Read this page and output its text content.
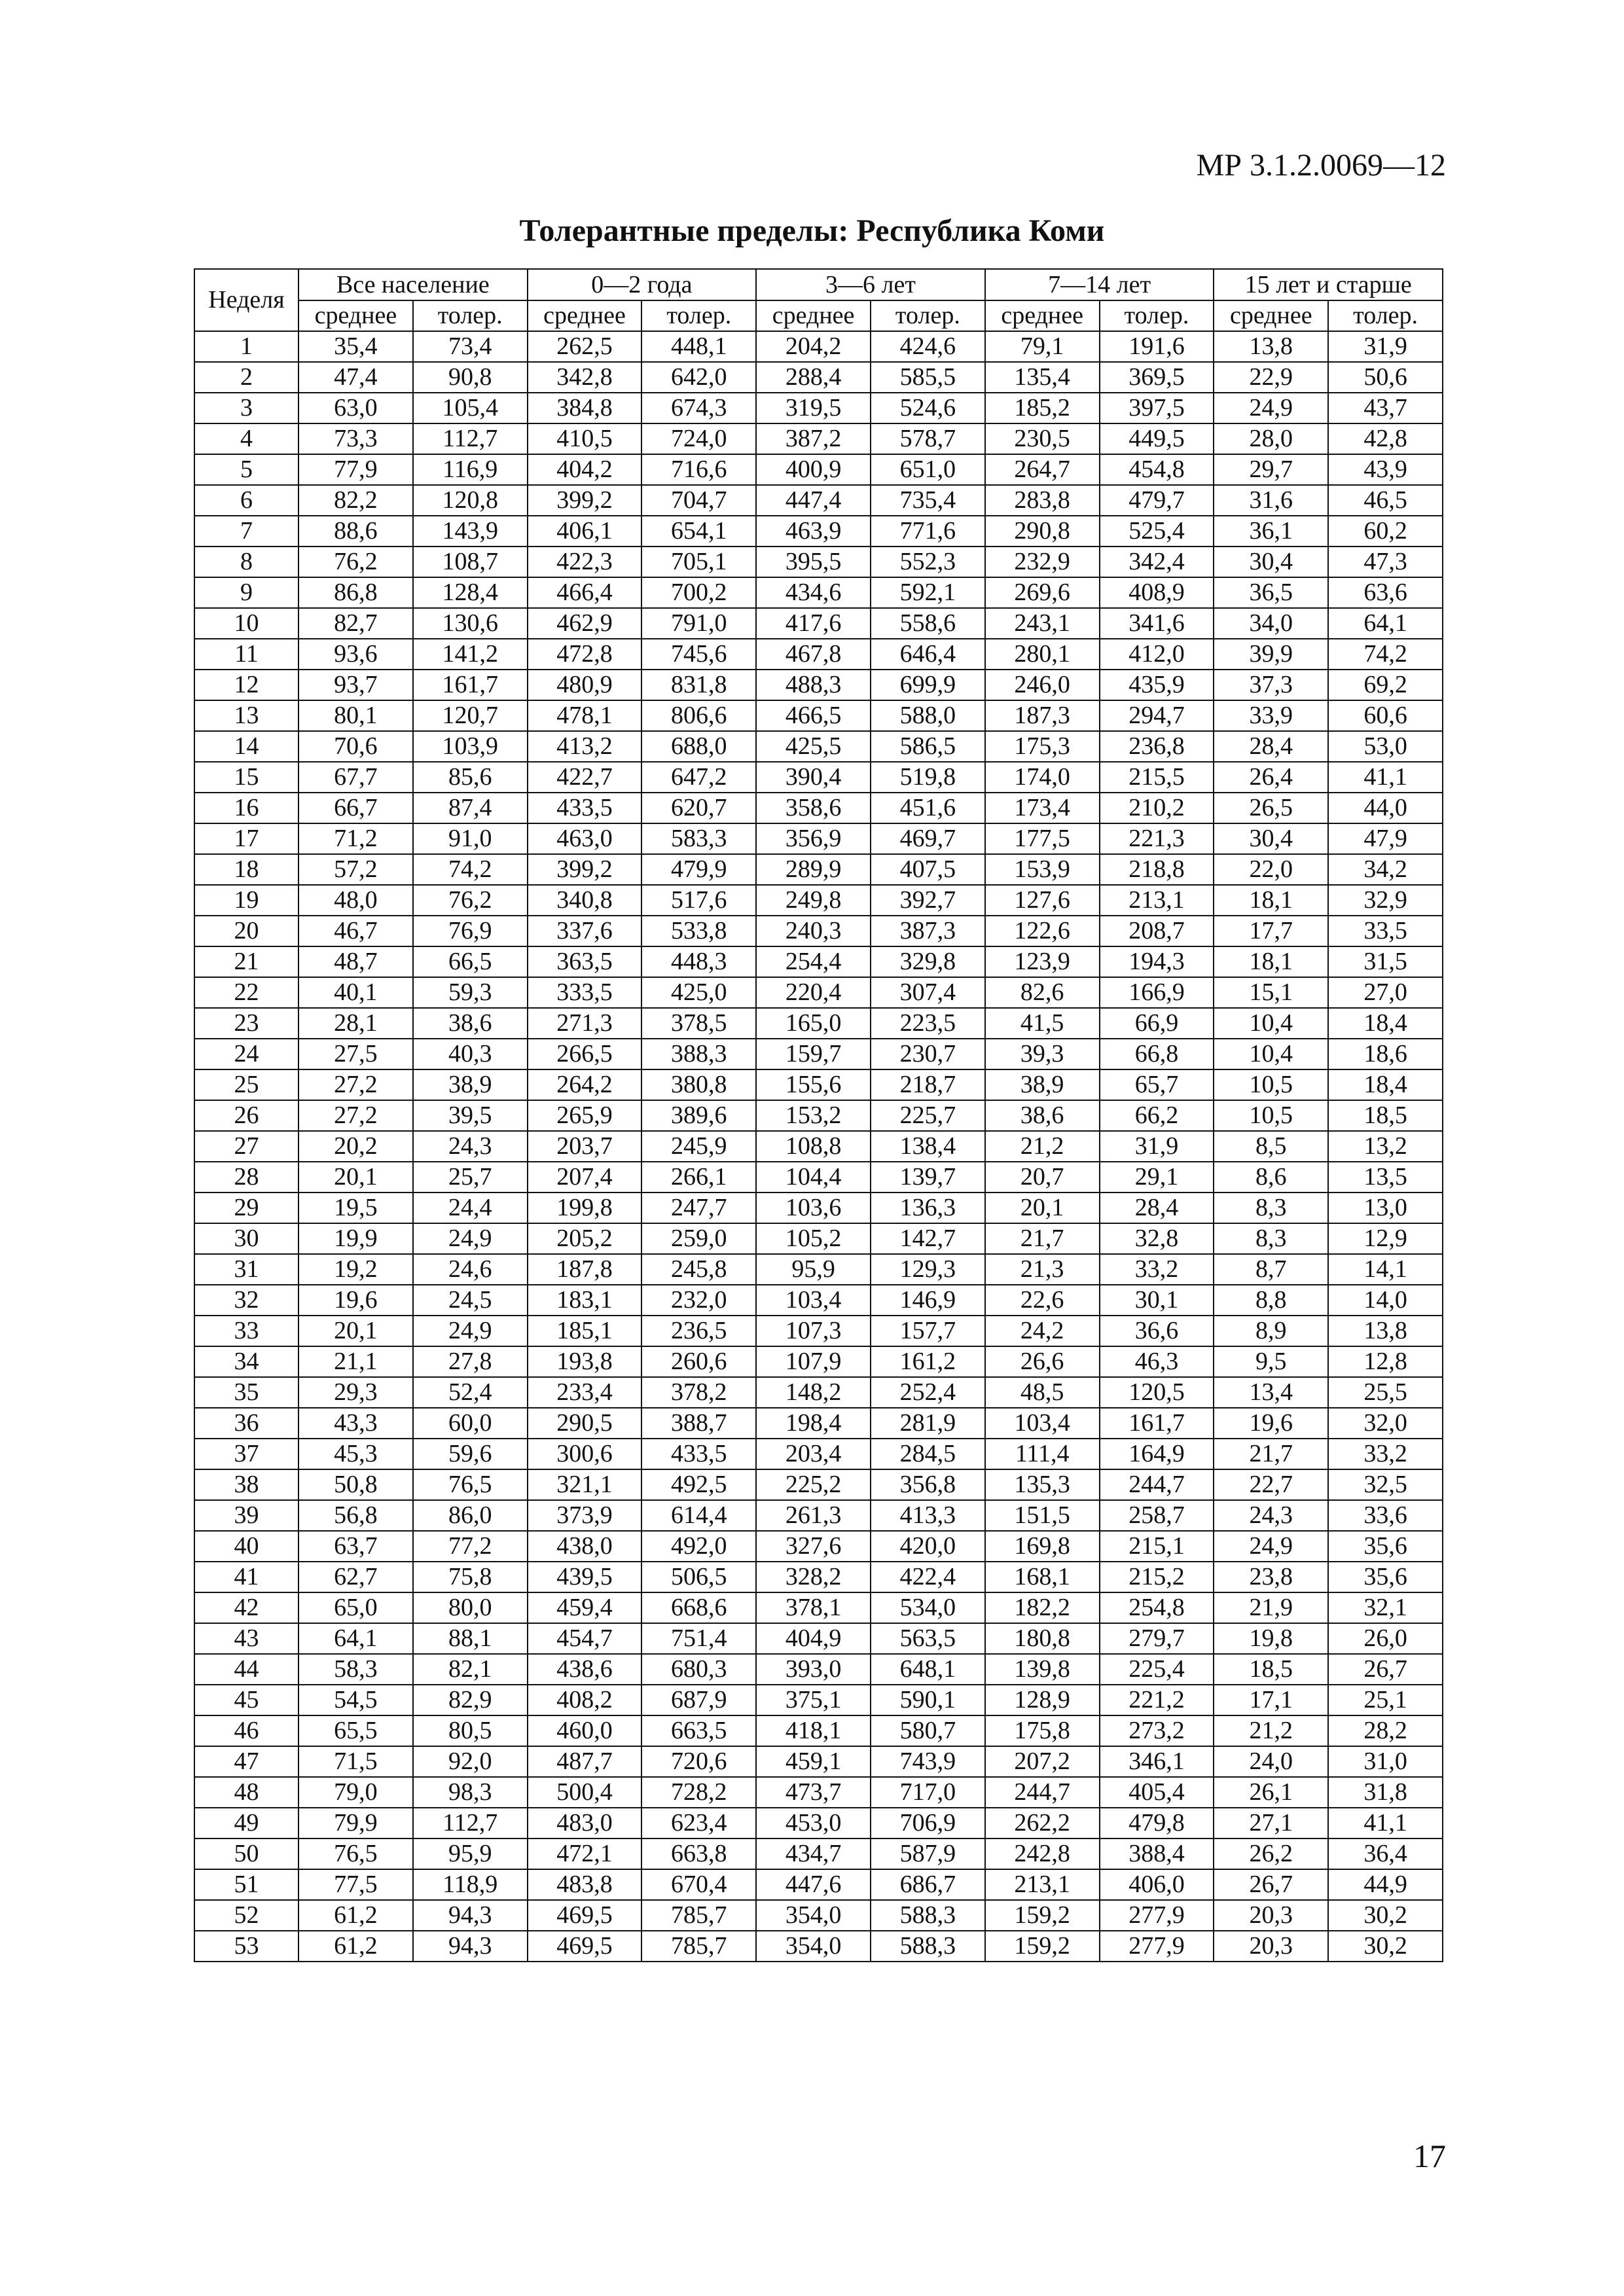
МР 3.1.2.0069—12
Толерантные пределы: Республика Коми
Неделя	Все население		0—2 года		3—6 лет		7—14 лет		15 лет и старше	
	среднее	толер.	среднее	толер.	среднее	толер.	среднее	толер.	среднее	толер.
1	35,4	73,4	262,5	448,1	204,2	424,6	79,1	191,6	13,8	31,9
2	47,4	90,8	342,8	642,0	288,4	585,5	135,4	369,5	22,9	50,6
3	63,0	105,4	384,8	674,3	319,5	524,6	185,2	397,5	24,9	43,7
4	73,3	112,7	410,5	724,0	387,2	578,7	230,5	449,5	28,0	42,8
5	77,9	116,9	404,2	716,6	400,9	651,0	264,7	454,8	29,7	43,9
6	82,2	120,8	399,2	704,7	447,4	735,4	283,8	479,7	31,6	46,5
7	88,6	143,9	406,1	654,1	463,9	771,6	290,8	525,4	36,1	60,2
8	76,2	108,7	422,3	705,1	395,5	552,3	232,9	342,4	30,4	47,3
9	86,8	128,4	466,4	700,2	434,6	592,1	269,6	408,9	36,5	63,6
10	82,7	130,6	462,9	791,0	417,6	558,6	243,1	341,6	34,0	64,1
11	93,6	141,2	472,8	745,6	467,8	646,4	280,1	412,0	39,9	74,2
12	93,7	161,7	480,9	831,8	488,3	699,9	246,0	435,9	37,3	69,2
13	80,1	120,7	478,1	806,6	466,5	588,0	187,3	294,7	33,9	60,6
14	70,6	103,9	413,2	688,0	425,5	586,5	175,3	236,8	28,4	53,0
15	67,7	85,6	422,7	647,2	390,4	519,8	174,0	215,5	26,4	41,1
16	66,7	87,4	433,5	620,7	358,6	451,6	173,4	210,2	26,5	44,0
17	71,2	91,0	463,0	583,3	356,9	469,7	177,5	221,3	30,4	47,9
18	57,2	74,2	399,2	479,9	289,9	407,5	153,9	218,8	22,0	34,2
19	48,0	76,2	340,8	517,6	249,8	392,7	127,6	213,1	18,1	32,9
20	46,7	76,9	337,6	533,8	240,3	387,3	122,6	208,7	17,7	33,5
21	48,7	66,5	363,5	448,3	254,4	329,8	123,9	194,3	18,1	31,5
22	40,1	59,3	333,5	425,0	220,4	307,4	82,6	166,9	15,1	27,0
23	28,1	38,6	271,3	378,5	165,0	223,5	41,5	66,9	10,4	18,4
24	27,5	40,3	266,5	388,3	159,7	230,7	39,3	66,8	10,4	18,6
25	27,2	38,9	264,2	380,8	155,6	218,7	38,9	65,7	10,5	18,4
26	27,2	39,5	265,9	389,6	153,2	225,7	38,6	66,2	10,5	18,5
27	20,2	24,3	203,7	245,9	108,8	138,4	21,2	31,9	8,5	13,2
28	20,1	25,7	207,4	266,1	104,4	139,7	20,7	29,1	8,6	13,5
29	19,5	24,4	199,8	247,7	103,6	136,3	20,1	28,4	8,3	13,0
30	19,9	24,9	205,2	259,0	105,2	142,7	21,7	32,8	8,3	12,9
31	19,2	24,6	187,8	245,8	95,9	129,3	21,3	33,2	8,7	14,1
32	19,6	24,5	183,1	232,0	103,4	146,9	22,6	30,1	8,8	14,0
33	20,1	24,9	185,1	236,5	107,3	157,7	24,2	36,6	8,9	13,8
34	21,1	27,8	193,8	260,6	107,9	161,2	26,6	46,3	9,5	12,8
35	29,3	52,4	233,4	378,2	148,2	252,4	48,5	120,5	13,4	25,5
36	43,3	60,0	290,5	388,7	198,4	281,9	103,4	161,7	19,6	32,0
37	45,3	59,6	300,6	433,5	203,4	284,5	111,4	164,9	21,7	33,2
38	50,8	76,5	321,1	492,5	225,2	356,8	135,3	244,7	22,7	32,5
39	56,8	86,0	373,9	614,4	261,3	413,3	151,5	258,7	24,3	33,6
40	63,7	77,2	438,0	492,0	327,6	420,0	169,8	215,1	24,9	35,6
41	62,7	75,8	439,5	506,5	328,2	422,4	168,1	215,2	23,8	35,6
42	65,0	80,0	459,4	668,6	378,1	534,0	182,2	254,8	21,9	32,1
43	64,1	88,1	454,7	751,4	404,9	563,5	180,8	279,7	19,8	26,0
44	58,3	82,1	438,6	680,3	393,0	648,1	139,8	225,4	18,5	26,7
45	54,5	82,9	408,2	687,9	375,1	590,1	128,9	221,2	17,1	25,1
46	65,5	80,5	460,0	663,5	418,1	580,7	175,8	273,2	21,2	28,2
47	71,5	92,0	487,7	720,6	459,1	743,9	207,2	346,1	24,0	31,0
48	79,0	98,3	500,4	728,2	473,7	717,0	244,7	405,4	26,1	31,8
49	79,9	112,7	483,0	623,4	453,0	706,9	262,2	479,8	27,1	41,1
50	76,5	95,9	472,1	663,8	434,7	587,9	242,8	388,4	26,2	36,4
51	77,5	118,9	483,8	670,4	447,6	686,7	213,1	406,0	26,7	44,9
52	61,2	94,3	469,5	785,7	354,0	588,3	159,2	277,9	20,3	30,2
53	61,2	94,3	469,5	785,7	354,0	588,3	159,2	277,9	20,3	30,2
17
